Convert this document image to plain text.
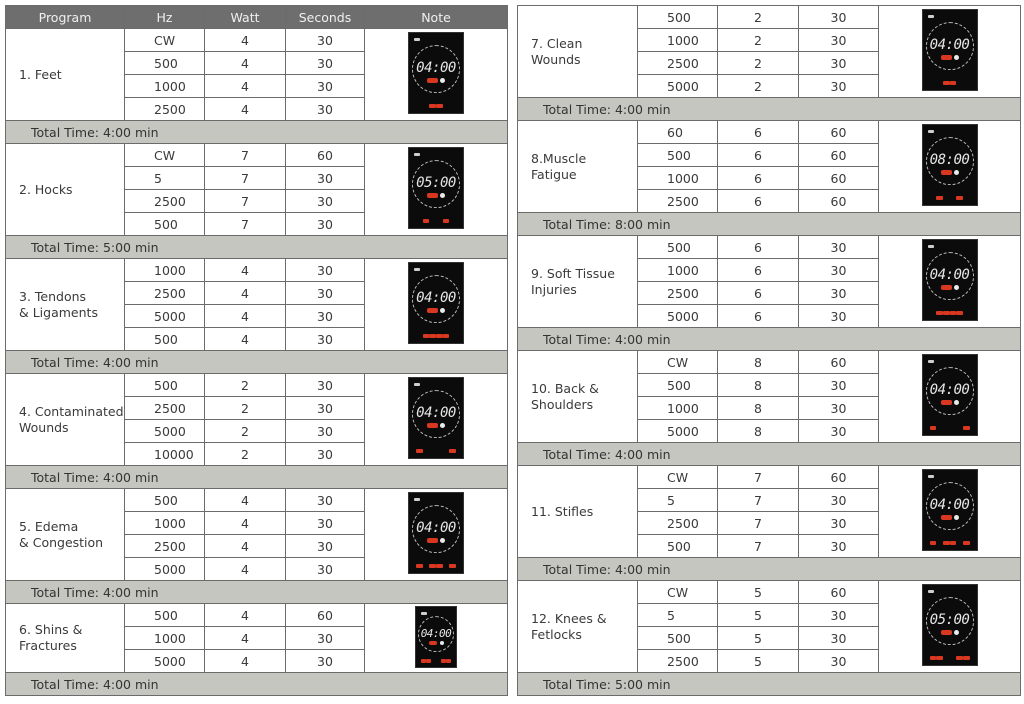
Program	Hz	Watt	Seconds	Note

1. Feet	CW	4	30	04:00

	500	4	30	
	1000	4	30	
	2500	4	30	
Total Time: 4:00 min				

2. Hocks	CW	7	60	05:00

	5	7	30	
	2500	7	30	
	500	7	30	
Total Time: 5:00 min				

3. Tendons
& Ligaments	1000	4	30	04:00

	2500	4	30	
	5000	4	30	
	500	4	30	
Total Time: 4:00 min				

4. Contaminated
Wounds	500	2	30	04:00

	2500	2	30	
	5000	2	30	
	10000	2	30	
Total Time: 4:00 min				

5. Edema
& Congestion	500	4	30	04:00

	1000	4	30	
	2500	4	30	
	5000	4	30	
Total Time: 4:00 min				

6. Shins &
Fractures	500	4	60	04:00

	1000	4	30	
	5000	4	30	
Total Time: 4:00 min				
7. Clean
Wounds	500	2	30	04:00

	1000	2	30	
	2500	2	30	
	5000	2	30	
Total Time: 4:00 min				

8.Muscle
Fatigue	60	6	60	08:00

	500	6	60	
	1000	6	60	
	2500	6	60	
Total Time: 8:00 min				

9. Soft Tissue
Injuries	500	6	30	04:00

	1000	6	30	
	2500	6	30	
	5000	6	30	
Total Time: 4:00 min				

10. Back &
Shoulders	CW	8	60	04:00

	500	8	30	
	1000	8	30	
	5000	8	30	
Total Time: 4:00 min				

11. Stifles	CW	7	60	04:00

	5	7	30	
	2500	7	30	
	500	7	30	
Total Time: 4:00 min				

12. Knees &
Fetlocks	CW	5	60	05:00

	5	5	30	
	500	5	30	
	2500	5	30	
Total Time: 5:00 min				
